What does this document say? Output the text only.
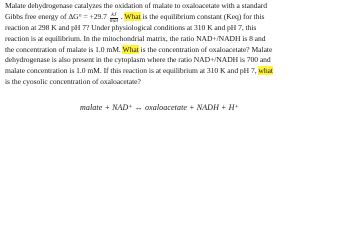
Malate dehydrogenase catalyzes the oxidation of malate to oxaloacetate with a standard
Gibbs free energy of $\Delta G^\circ = +29.7 \frac{kJ}{\text{mol}}$ . What is the equilibrium constant (Keq) for this
reaction at 298 K and pH 7? Under physiological conditions at 310 K and pH 7, this
reaction is at equilibrium. In the mitochondrial matrix, the ratio NAD+/NADH is 8 and
the concentration of malate is 1.0 mM. What is the concentration of oxaloacetate? Malate
dehydrogenase is also present in the cytoplasm where the ratio NAD+/NADH is 700 and
malate concentration is 1.0 mM. If this reaction is at equilibrium at 310 K and pH 7, what
is the cyosolic concentration of oxaloacetate?
malate + NAD⁺ ↔ oxaloacetate + NADH + H⁺
